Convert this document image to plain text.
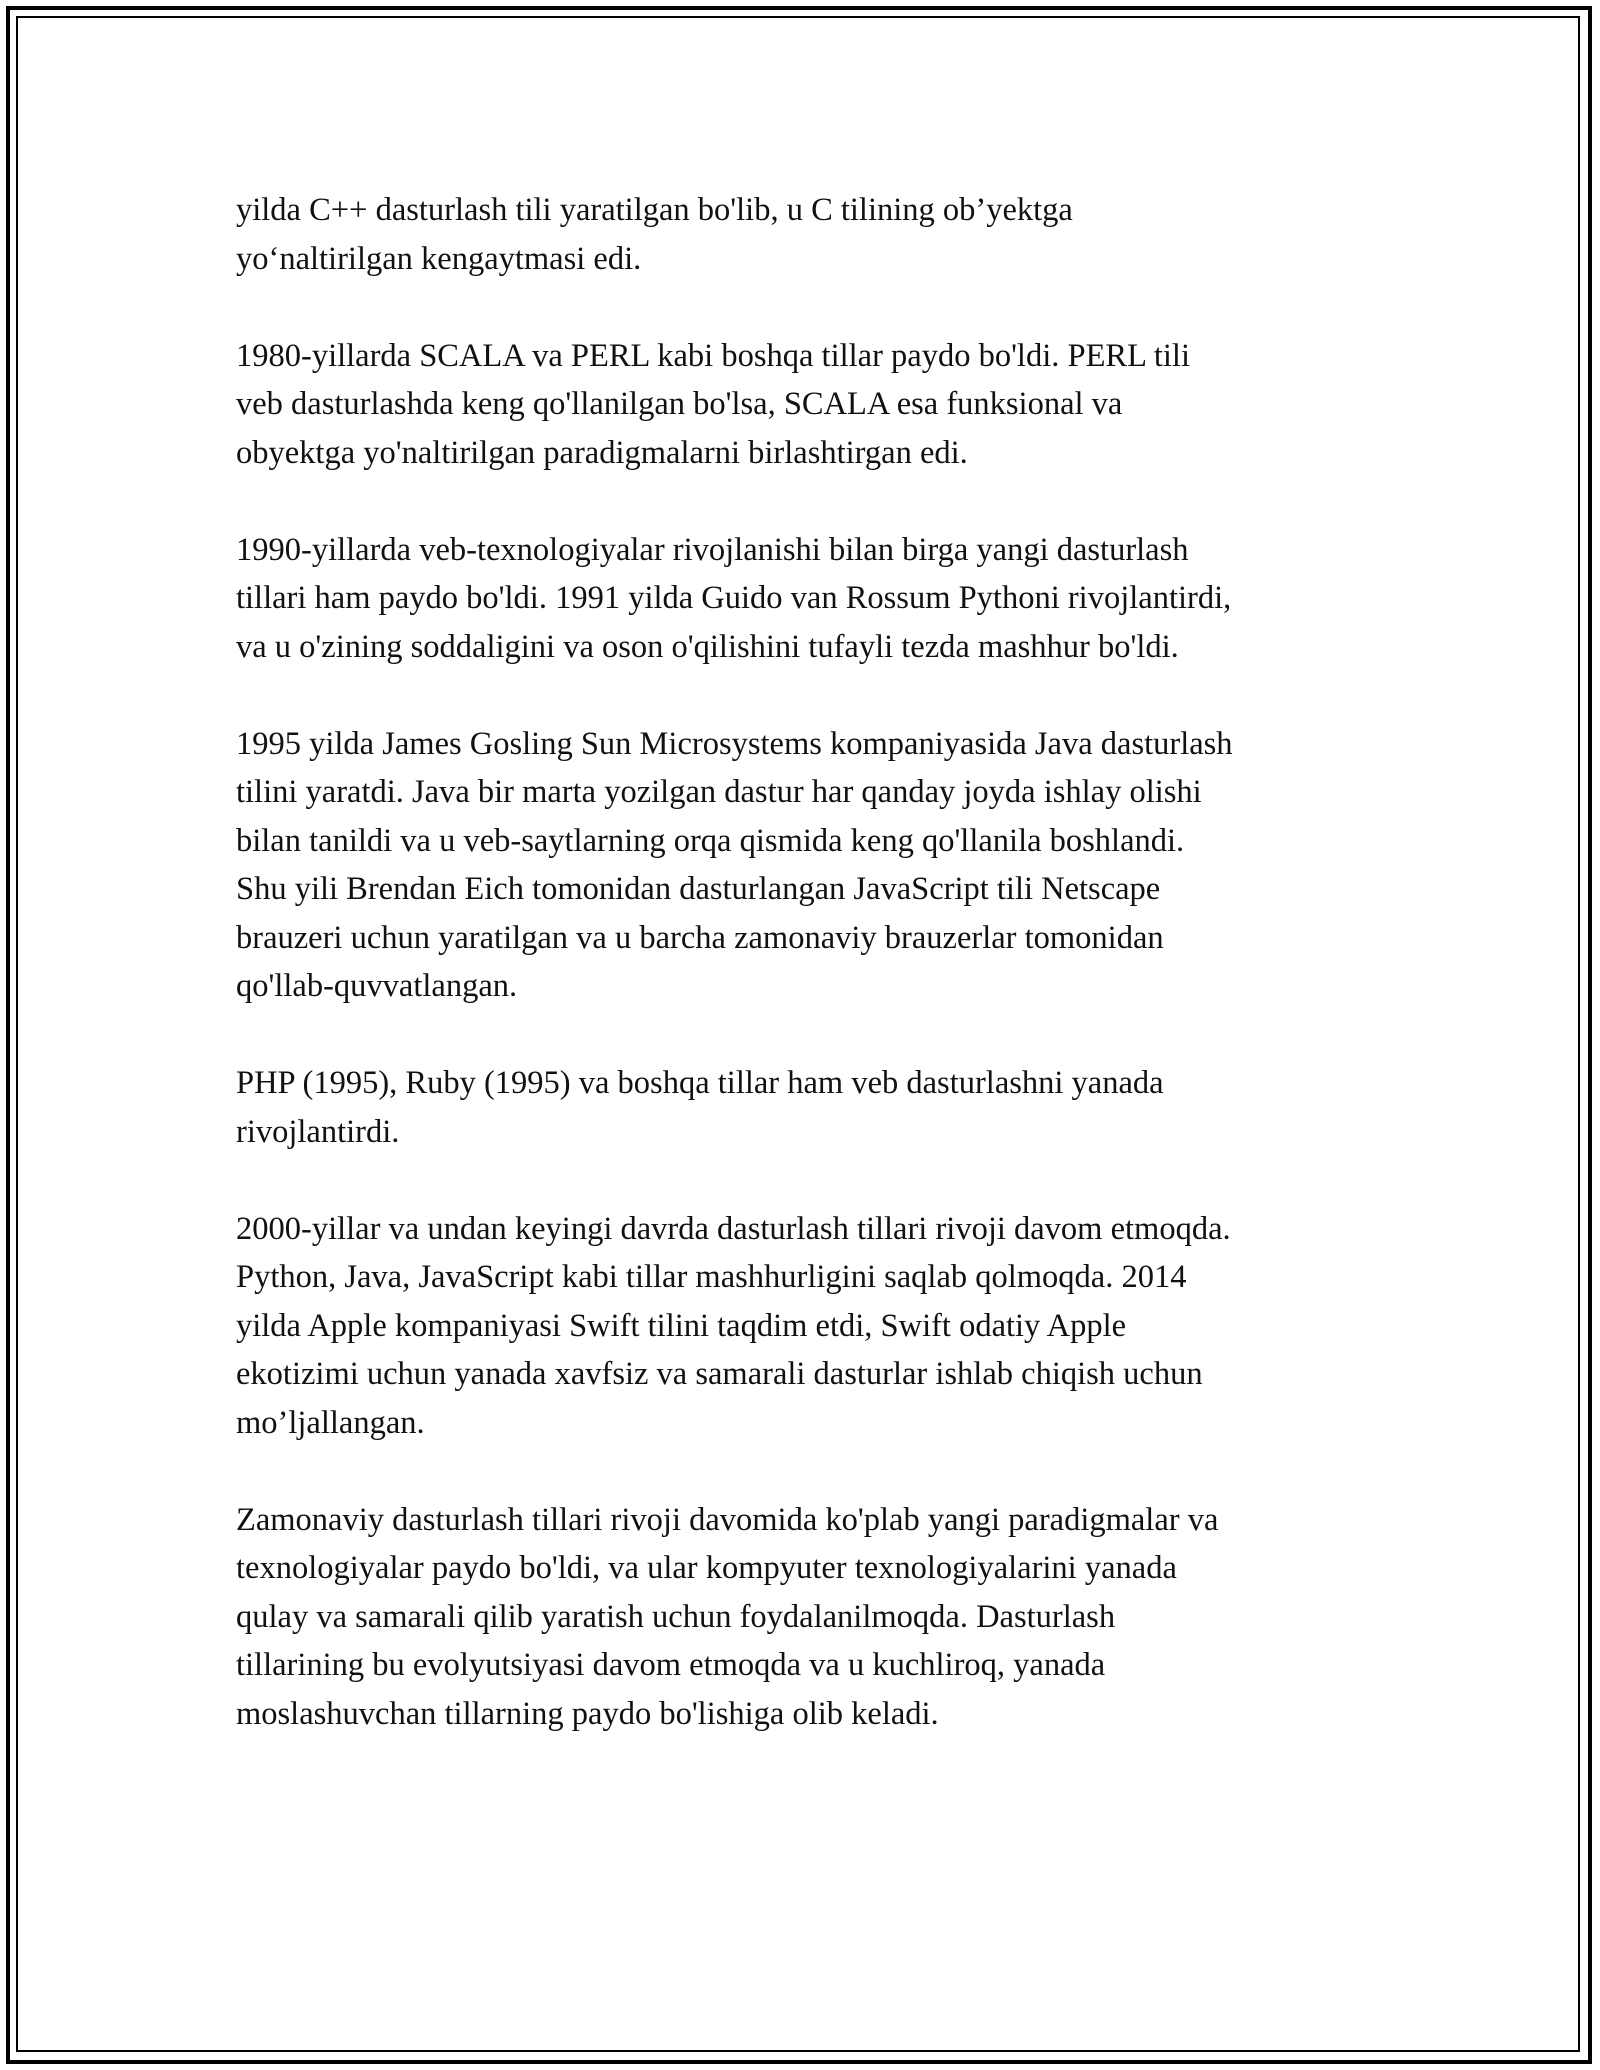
yilda C++ dasturlash tili yaratilgan bo'lib, u C tilining ob’yektga
yo‘naltirilgan kengaytmasi edi.

1980-yillarda SCALA va PERL kabi boshqa tillar paydo bo'ldi. PERL tili
veb dasturlashda keng qo'llanilgan bo'lsa, SCALA esa funksional va
obyektga yo'naltirilgan paradigmalarni birlashtirgan edi.

1990-yillarda veb-texnologiyalar rivojlanishi bilan birga yangi dasturlash
tillari ham paydo bo'ldi. 1991 yilda Guido van Rossum Pythoni rivojlantirdi,
va u o'zining soddaligini va oson o'qilishini tufayli tezda mashhur bo'ldi.

1995 yilda James Gosling Sun Microsystems kompaniyasida Java dasturlash
tilini yaratdi. Java bir marta yozilgan dastur har qanday joyda ishlay olishi
bilan tanildi va u veb-saytlarning orqa qismida keng qo'llanila boshlandi.
Shu yili Brendan Eich tomonidan dasturlangan JavaScript tili Netscape
brauzeri uchun yaratilgan va u barcha zamonaviy brauzerlar tomonidan
qo'llab-quvvatlangan.

PHP (1995), Ruby (1995) va boshqa tillar ham veb dasturlashni yanada
rivojlantirdi.

2000-yillar va undan keyingi davrda dasturlash tillari rivoji davom etmoqda.
Python, Java, JavaScript kabi tillar mashhurligini saqlab qolmoqda. 2014
yilda Apple kompaniyasi Swift tilini taqdim etdi, Swift odatiy Apple
ekotizimi uchun yanada xavfsiz va samarali dasturlar ishlab chiqish uchun
mo’ljallangan.

Zamonaviy dasturlash tillari rivoji davomida ko'plab yangi paradigmalar va
texnologiyalar paydo bo'ldi, va ular kompyuter texnologiyalarini yanada
qulay va samarali qilib yaratish uchun foydalanilmoqda. Dasturlash
tillarining bu evolyutsiyasi davom etmoqda va u kuchliroq, yanada
moslashuvchan tillarning paydo bo'lishiga olib keladi.
